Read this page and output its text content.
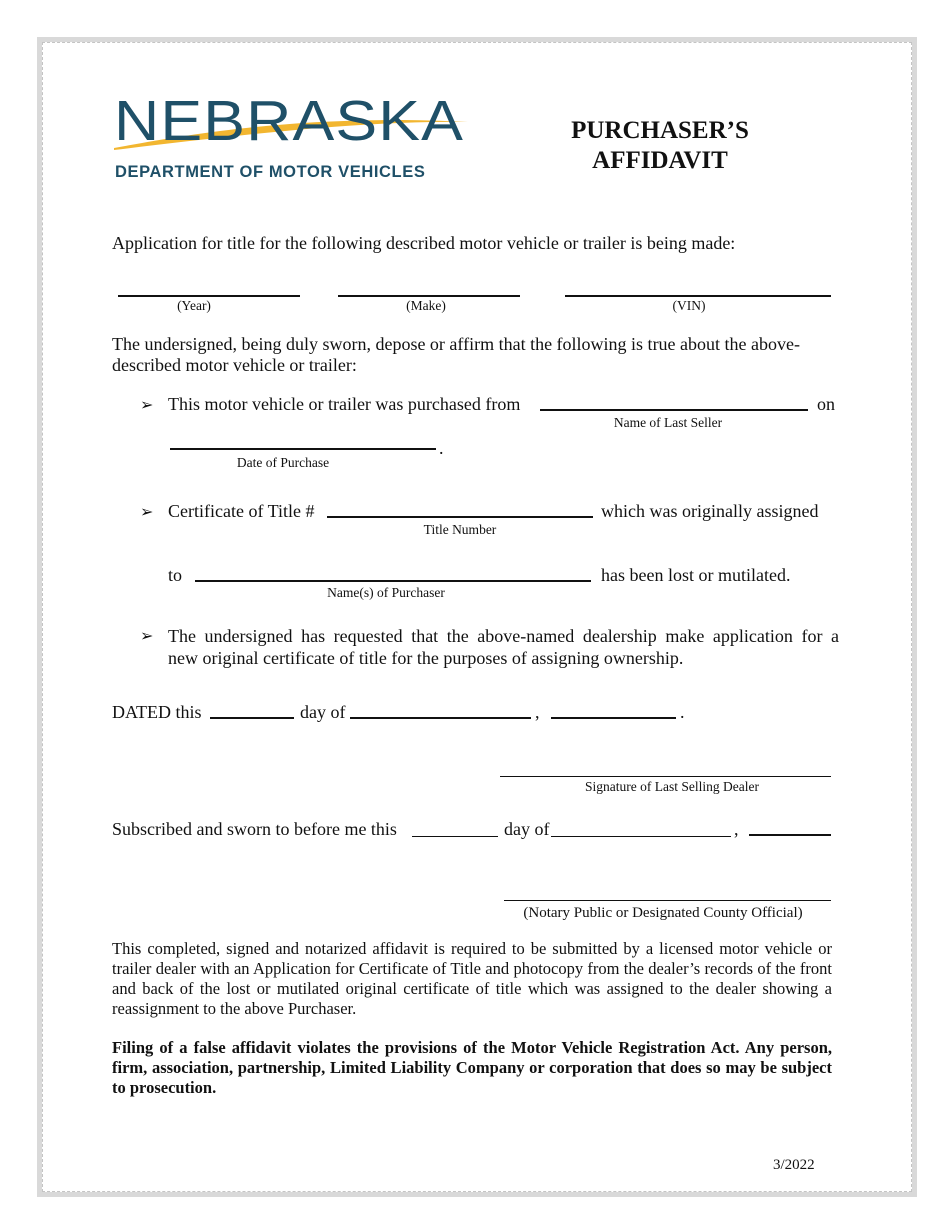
NEBRASKA
DEPARTMENT OF MOTOR VEHICLES
PURCHASER’S
AFFIDAVIT
Application for title for the following described motor vehicle or trailer is being made:
(Year)	(Make)	(VIN)
The undersigned, being duly sworn, depose or affirm that the following is true about the above-
described motor vehicle or trailer:
➢ This motor vehicle or trailer was purchased from	on
Name of Last Seller
.
Date of Purchase
➢ Certificate of Title #	which was originally assigned
Title Number
to	has been lost or mutilated.
Name(s) of Purchaser
➢ The undersigned has requested that the above-named dealership make application for a
new original certificate of title for the purposes of assigning ownership.
DATED this	day of	,	.
Signature of Last Selling Dealer
Subscribed and sworn to before me this	day of	,
(Notary Public or Designated County Official)
This completed, signed and notarized affidavit is required to be submitted by a licensed motor vehicle or trailer dealer with an Application for Certificate of Title and photocopy from the dealer’s records of the front and back of the lost or mutilated original certificate of title which was assigned to the dealer showing a reassignment to the above Purchaser.
Filing of a false affidavit violates the provisions of the Motor Vehicle Registration Act. Any person, firm, association, partnership, Limited Liability Company or corporation that does so may be subject to prosecution.
3/2022
